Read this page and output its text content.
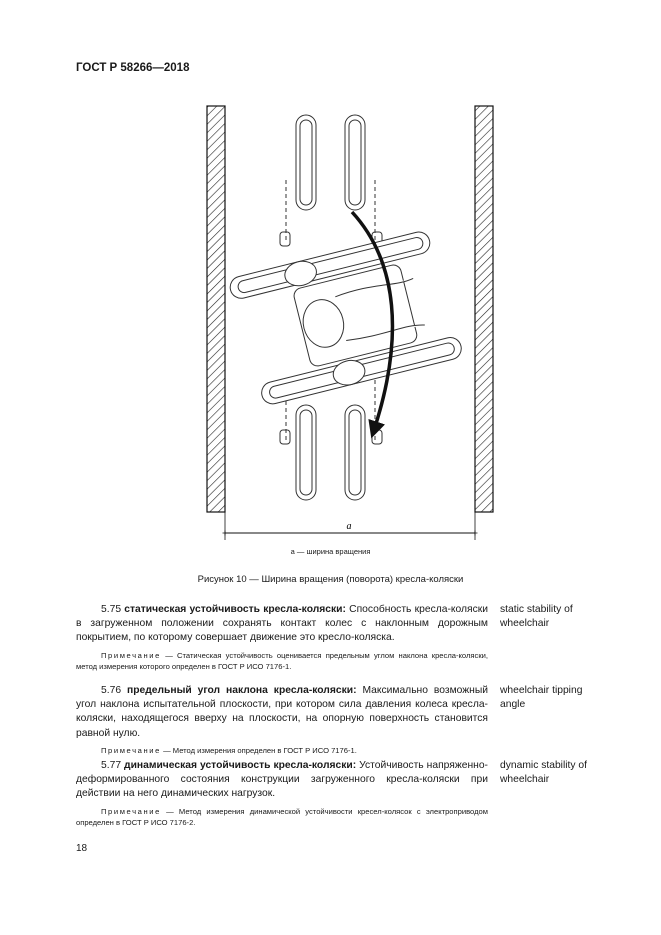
ГОСТ Р 58266—2018
a
a — ширина вращения
Рисунок 10 — Ширина вращения (поворота) кресла-коляски

5.75 статическая устойчивость кресла-коляски: Способность кресла-коляски в загруженном положении сохранять контакт колес с наклонным дорожным покрытием, по которому совершает движение это кресло-коляска.

Примечание — Статическая устойчивость оценивается предельным углом наклона кресла-коляски, метод измерения которого определен в ГОСТ Р ИСО 7176-1.

static stability of wheelchair

5.76 предельный угол наклона кресла-коляски: Максимально возможный угол наклона испытательной плоскости, при котором сила давления колеса кресла-коляски, находящегося вверху на плоскости, на опорную поверхность становится равной нулю.

Примечание — Метод измерения определен в ГОСТ Р ИСО 7176-1.

wheelchair tipping angle

5.77 динамическая устойчивость кресла-коляски: Устойчивость напряженно-деформированного состояния конструкции загруженного кресла-коляски при действии на него динамических нагрузок.

Примечание — Метод измерения динамической устойчивости кресел-колясок с электроприводом определен в ГОСТ Р ИСО 7176-2.

dynamic stability of wheelchair
18
